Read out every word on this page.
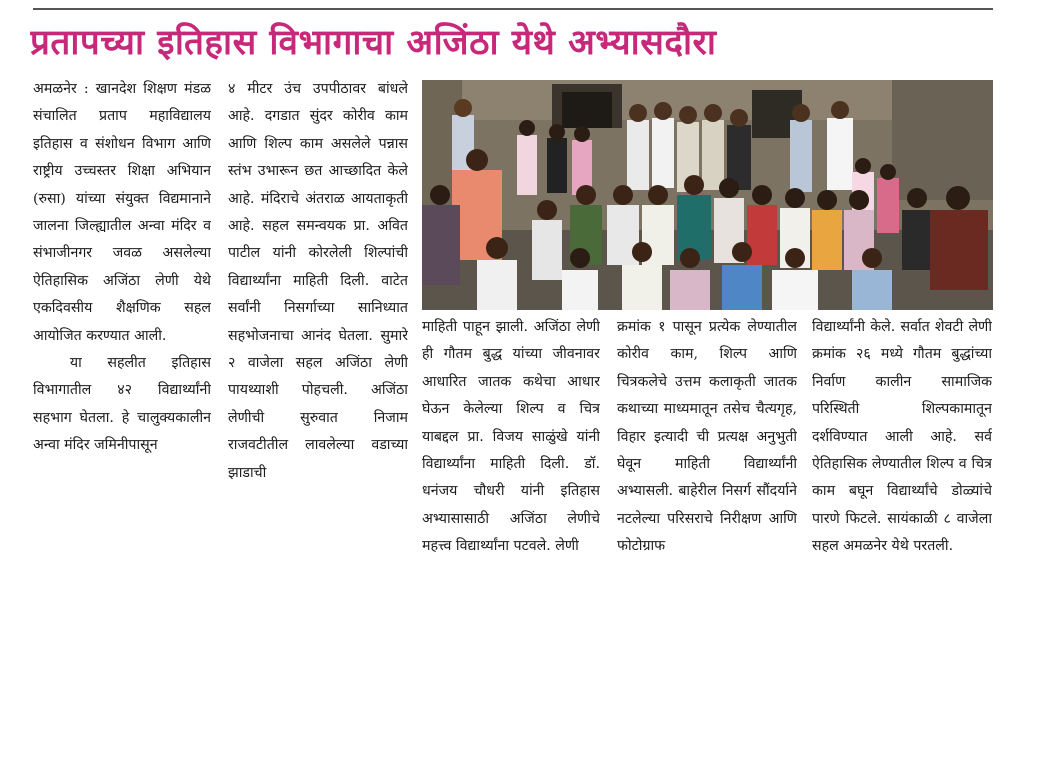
प्रतापच्या इतिहास विभागाचा अजिंठा येथे अभ्यासदौरा
अमळनेर : खानदेश शिक्षण मंडळ संचालित प्रताप महाविद्यालय इतिहास व संशोधन विभाग आणि राष्ट्रीय उच्चस्तर शिक्षा अभियान (रुसा) यांच्या संयुक्त विद्यमानाने जालना जिल्ह्यातील अन्वा मंदिर व संभाजीनगर जवळ असलेल्या ऐतिहासिक अजिंठा लेणी येथे एकदिवसीय शैक्षणिक सहल आयोजित करण्यात आली.
या सहलीत इतिहास विभागातील ४२ विद्यार्थ्यांनी सहभाग घेतला. हे चालुक्यकालीन अन्वा मंदिर जमिनीपासून
४ मीटर उंच उपपीठावर बांधले आहे. दगडात सुंदर कोरीव काम आणि शिल्प काम असलेले पन्नास स्तंभ उभारून छत आच्छादित केले आहे. मंदिराचे अंतराळ आयताकृती आहे. सहल समन्वयक प्रा. अवित पाटील यांनी कोरलेली शिल्पांची विद्यार्थ्यांना माहिती दिली. वाटेत सर्वांनी निसर्गाच्या सानिध्यात सहभोजनाचा आनंद घेतला. सुमारे २ वाजेला सहल अजिंठा लेणी पायथ्याशी पोहचली. अजिंठा लेणीची सुरुवात निजाम राजवटीतील लावलेल्या वडाच्या झाडाची
माहिती पाहून झाली. अजिंठा लेणी ही गौतम बुद्ध यांच्या जीवनावर आधारित जातक कथेचा आधार घेऊन केलेल्या शिल्प व चित्र याबद्दल प्रा. विजय साळुंखे यांनी विद्यार्थ्यांना माहिती दिली. डॉ. धनंजय चौधरी यांनी इतिहास अभ्यासासाठी अजिंठा लेणीचे महत्त्व विद्यार्थ्यांना पटवले. लेणी
क्रमांक १ पासून प्रत्येक लेण्यातील कोरीव काम, शिल्प आणि चित्रकलेचे उत्तम कलाकृती जातक कथाच्या माध्यमातून तसेच चैत्यगृह, विहार इत्यादी ची प्रत्यक्ष अनुभुती घेवून माहिती विद्यार्थ्यांनी अभ्यासली. बाहेरील निसर्ग सौंदर्याने नटलेल्या परिसराचे निरीक्षण आणि फोटोग्राफ
विद्यार्थ्यांनी केले. सर्वात शेवटी लेणी क्रमांक २६ मध्ये गौतम बुद्धांच्या निर्वाण कालीन सामाजिक परिस्थिती शिल्पकामातून दर्शविण्यात आली आहे. सर्व ऐतिहासिक लेण्यातील शिल्प व चित्र काम बघून विद्यार्थ्यांचे डोळ्यांचे पारणे फिटले. सायंकाळी ८ वाजेला सहल अमळनेर येथे परतली.
